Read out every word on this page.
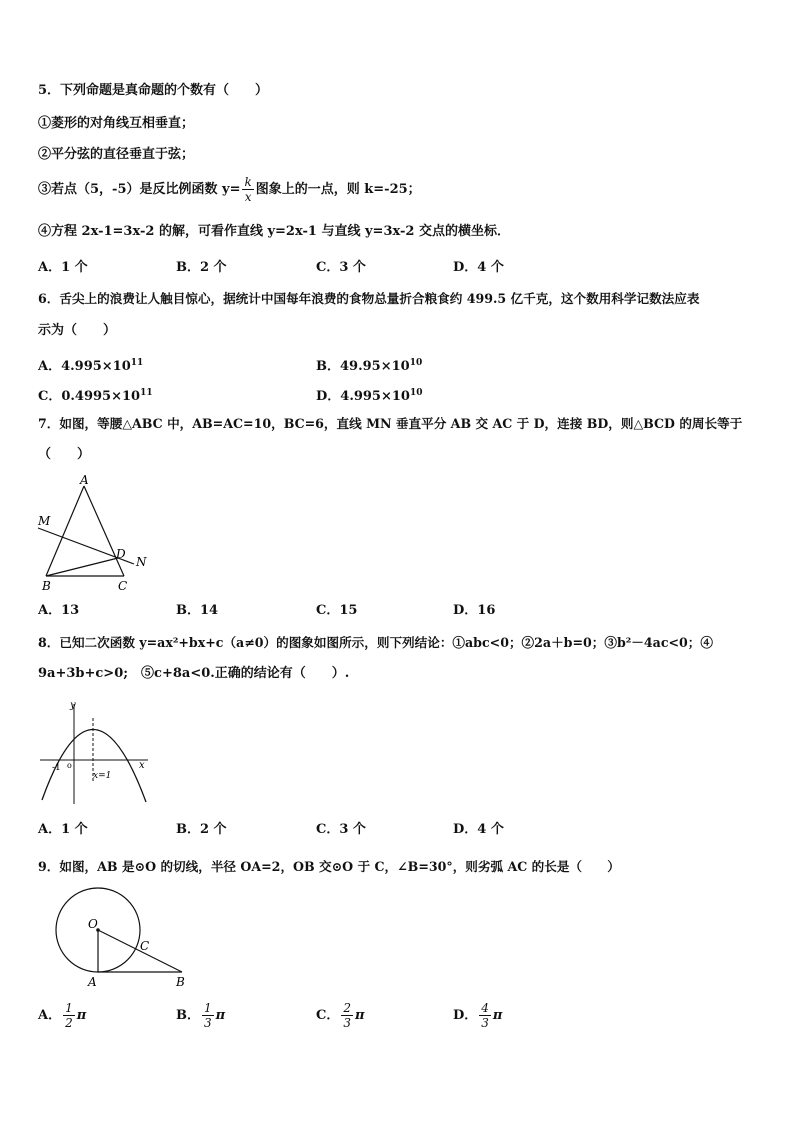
5．下列命题是真命题的个数有（　　）
①菱形的对角线互相垂直；
②平分弦的直径垂直于弦；
③若点（5，-5）是反比例函数 $y= \frac{k}{x}$ 图象上的一点，则 k=-25；
④方程 2x-1=3x-2 的解，可看作直线 y=2x-1 与直线 y=3x-2 交点的横坐标．
A．1 个	B．2 个	C．3 个	D．4 个
6．舌尖上的浪费让人触目惊心，据统计中国每年浪费的食物总量折合粮食约 499.5 亿千克，这个数用科学记数法应表
示为（　　）
A．$4.995\times 10^{11}$	B．$49.95\times 10^{10}$
C．$0.4995\times 10^{11}$	D．$4.995\times 10^{10}$
7．如图，等腰△ABC 中，AB=AC=10，BC=6，直线 MN 垂直平分 AB 交 AC 于 D，连接 BD，则△BCD 的周长等于
（　　）
A
M
D
N
B	C
A．13	B．14	C．15	D．16
8．已知二次函数 y=ax²+bx+c（a≠0）的图象如图所示，则下列结论：①abc<0；②2a＋b=0；③b²－4ac<0；④
9a+3b+c>0;　⑤c+8a<0.正确的结论有（　　）.
y
x
-1 o
x=1
A．1 个	B．2 个	C．3 个	D．4 个
9．如图，AB 是⊙O 的切线，半径 OA=2，OB 交⊙O 于 C，∠B=30°，则劣弧 AC 的长是（　　）
O
C
A	B
A． $\frac{1}{2}$ π	B． $\frac{1}{3}$ π	C． $\frac{2}{3}$ π	D． $\frac{4}{3}$ π
